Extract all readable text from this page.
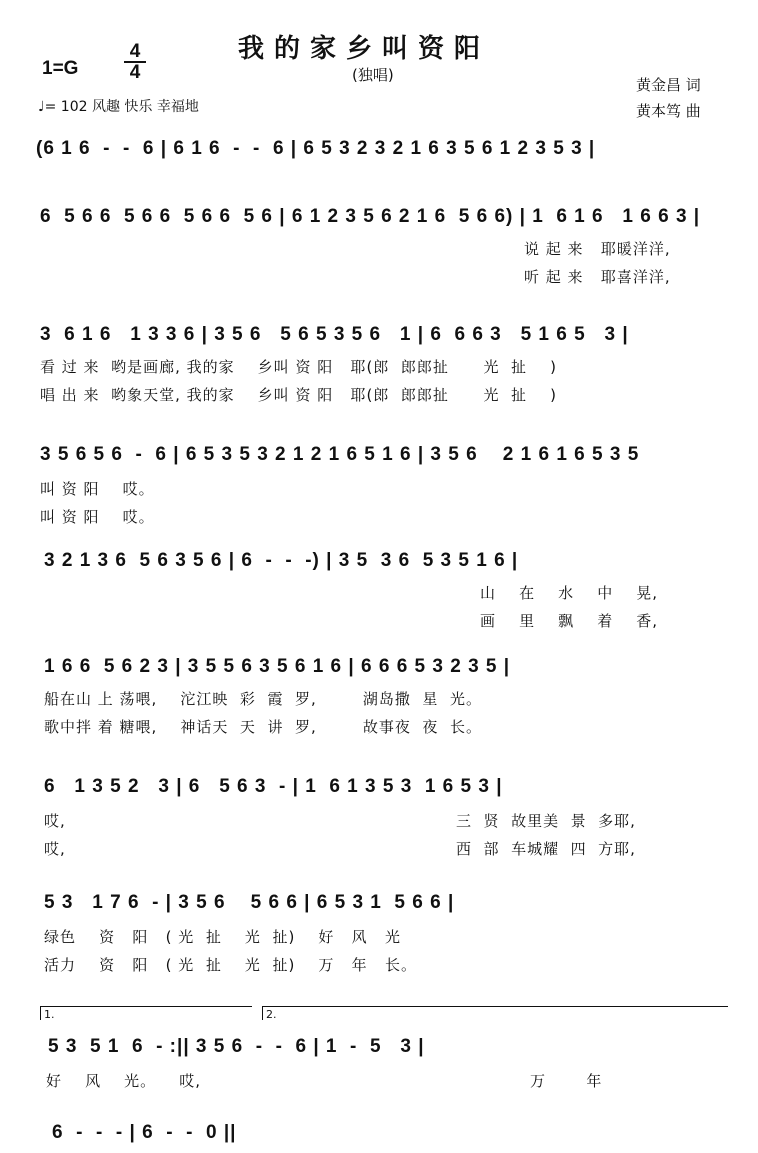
我的家乡叫资阳
(独唱)
1=G
4
4
♩= 102 风趣 快乐 幸福地
黄金昌 词
黄本笃 曲
(6 1 6  -  -  6 | 6 1 6  -  -  6 | 6 5 3 2 3 2 1 6 3 5 6 1 2 3 5 3 |
6  5 6 6  5 6 6  5 6 6  5 6 | 6 1 2 3 5 6 2 1 6  5 6 6) | 1  6 1 6   1 6 6 3 |
说 起 来   耶暖洋洋,
听 起 来   耶喜洋洋,
3  6 1 6   1 3 3 6 | 3 5 6   5 6 5 3 5 6   1 | 6  6 6 3   5 1 6 5   3 |
看 过 来  哟是画廊, 我的家    乡叫 资 阳   耶(郎  郎郎扯      光  扯    )
唱 出 来  哟象天堂, 我的家    乡叫 资 阳   耶(郎  郎郎扯      光  扯    )
3 5 6 5 6  -  6 | 6 5 3 5 3 2 1 2 1 6 5 1 6 | 3 5 6    2 1 6 1 6 5 3 5
叫 资 阳    哎。
叫 资 阳    哎。
3 2 1 3 6  5 6 3 5 6 | 6  -  -  -) | 3 5  3 6  5 3 5 1 6 |
山    在    水    中    晃,
画    里    飘    着    香,
1 6 6  5 6 2 3 | 3 5 5 6 3 5 6 1 6 | 6 6 6 5 3 2 3 5 |
船在山 上 荡喂,    沱江映  彩  霞  罗,        湖岛撒  星  光。
歌中拌 着 糖喂,    神话天  天  讲  罗,        故事夜  夜  长。
6   1 3 5 2   3 | 6   5 6 3  - | 1  6 1 3 5 3  1 6 5 3 |
哎,
哎,
三  贤  故里美  景  多耶,
西  部  车城耀  四  方耶,
5 3   1 7 6  - | 3 5 6    5 6 6 | 6 5 3 1  5 6 6 |
绿色    资   阳   ( 光  扯    光  扯)    好   风   光
活力    资   阳   ( 光  扯    光  扯)    万   年   长。
1.	2.
5 3  5 1  6  - :|| 3 5 6  -  -  6 | 1  -  5   3 |
好    风    光。    哎,	万       年
6  -  -  - | 6  -  -  0 ||
